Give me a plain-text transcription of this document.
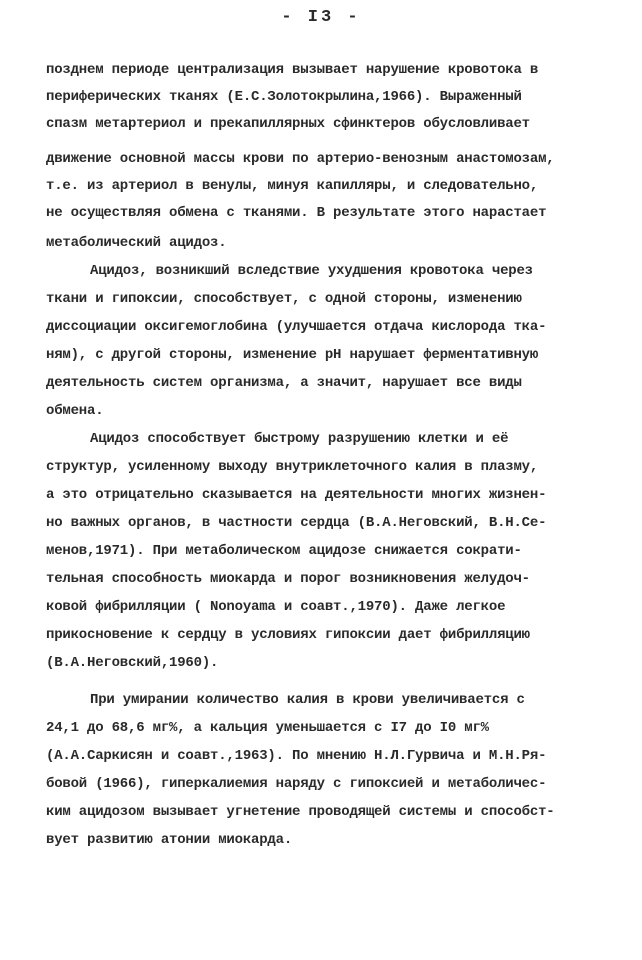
- I3 -
позднем периоде централизация вызывает нарушение кровотока в
периферических тканях (Е.С.Золотокрылина,1966). Выраженный
спазм метартериол и прекапиллярных сфинктеров обусловливает
движение основной массы крови по артерио-венозным анастомозам,
т.е. из артериол в венулы, минуя капилляры, и следовательно,
не осуществляя обмена с тканями. В результате этого нарастает
метаболический ацидоз.
Ацидоз, возникший вследствие ухудшения кровотока через
ткани и гипоксии, способствует, с одной стороны, изменению
диссоциации оксигемоглобина (улучшается отдача кислорода тка-
ням), с другой стороны, изменение pH нарушает ферментативную
деятельность систем организма, а значит, нарушает все виды
обмена.
Ацидоз способствует быстрому разрушению клетки и её
структур, усиленному выходу внутриклеточного калия в плазму,
а это отрицательно сказывается на деятельности многих жизнен-
но важных органов, в частности сердца (В.А.Неговский, В.Н.Се-
менов,1971). При метаболическом ацидозе снижается сократи-
тельная способность миокарда и порог возникновения желудоч-
ковой фибрилляции ( Nonoyama и соавт.,1970). Даже легкое
прикосновение к сердцу в условиях гипоксии дает фибрилляцию
(В.А.Неговский,1960).
При умирании количество калия в крови увеличивается с
24,1 до 68,6 мг%, а кальция уменьшается с I7 до I0 мг%
(А.А.Саркисян и соавт.,1963). По мнению Н.Л.Гурвича и М.Н.Ря-
бовой (1966), гиперкалиемия наряду с гипоксией и метаболичес-
ким ацидозом вызывает угнетение проводящей системы и способст-
вует развитию атонии миокарда.
